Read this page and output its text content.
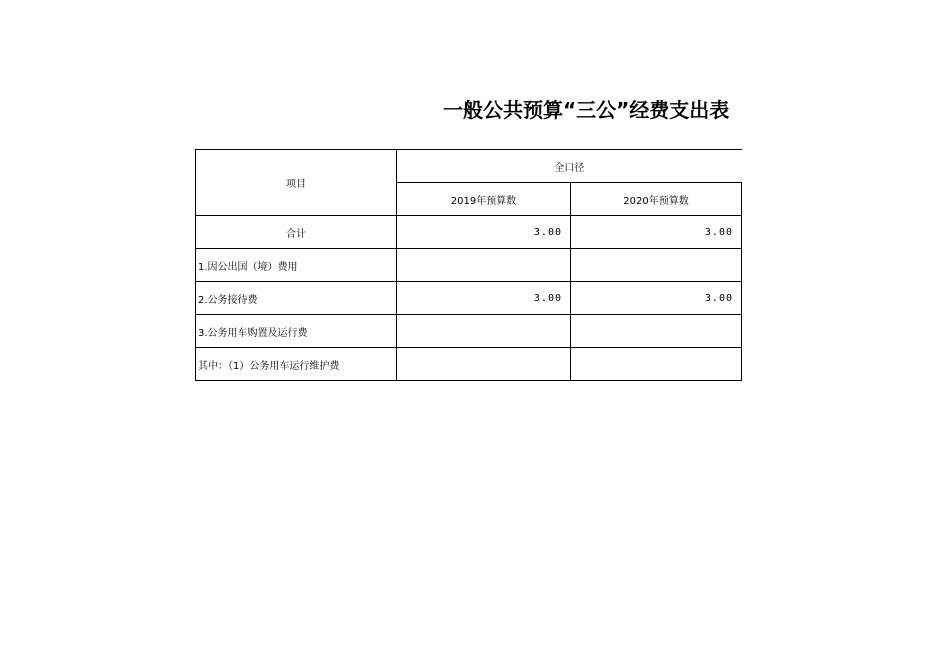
一般公共预算“三公”经费支出表
项目	全口径	
	2019年预算数	2020年预算数
合计	3.00	3.00
1.因公出国（境）费用		
2.公务接待费	3.00	3.00
3.公务用车购置及运行费		
其中：（1）公务用车运行维护费		
